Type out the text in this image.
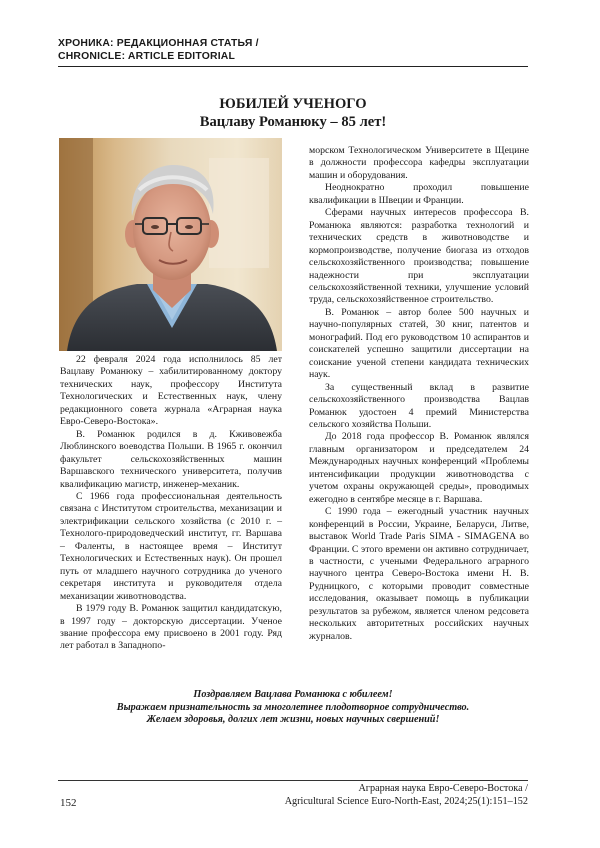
ХРОНИКА: РЕДАКЦИОННАЯ СТАТЬЯ /
CHRONICLE: ARTICLE EDITORIAL
ЮБИЛЕЙ УЧЕНОГО
Вацлаву Романюку – 85 лет!

22 февраля 2024 года исполнилось 85 лет Вацлаву Романюку – хабилитированному доктору технических наук, профессору Института Технологических и Естественных наук, члену редакционного совета журнала «Аграрная наука Евро-Северо-Востока».

В. Романюк родился в д. Кживовежба Люблинского воеводства Польши. В 1965 г. окончил факультет сельскохозяйственных машин Варшавского технического университета, получив квалификацию магистр, инженер-механик.

С 1966 года профессиональная деятельность связана с Институтом строительства, механизации и электрификации сельского хозяйства (с 2010 г. – Технолого-природоведческий институт, гг. Варшава – Фаленты, в настоящее время – Институт Технологических и Естественных наук). Он прошел путь от младшего научного сотрудника до ученого секретаря института и руководителя отдела механизации животноводства.

В 1979 году В. Романюк защитил кандидатскую, в 1997 году – докторскую диссертации. Ученое звание профессора ему присвоено в 2001 году. Ряд лет работал в Западнопо-

морском Технологическом Университете в Щецине в должности профессора кафедры эксплуатации машин и оборудования.

Неоднократно проходил повышение квалификации в Швеции и Франции.

Сферами научных интересов профессора В. Романюка являются: разработка технологий и технических средств в животноводстве и кормопроизводстве, получение биогаза из отходов сельскохозяйственного производства; повышение надежности при эксплуатации сельскохозяйственной техники, улучшение условий труда, сельскохозяйственное строительство.

В. Романюк – автор более 500 научных и научно-популярных статей, 30 книг, патентов и монографий. Под его руководством 10 аспирантов и соискателей успешно защитили диссертации на соискание ученой степени кандидата технических наук.

За существенный вклад в развитие сельскохозяйственного производства Вацлав Романюк удостоен 4 премий Министерства сельского хозяйства Польши.

До 2018 года профессор В. Романюк являлся главным организатором и председателем 24 Международных научных конференций «Проблемы интенсификации продукции животноводства с учетом охраны окружающей среды», проводимых ежегодно в сентябре месяце в г. Варшава.

С 1990 года – ежегодный участник научных конференций в России, Украине, Беларуси, Литве, выставок World Trade Paris SIMA - SIMAGENA во Франции. С этого времени он активно сотрудничает, в частности, с учеными Федерального аграрного научного центра Северо-Востока имени Н. В. Рудницкого, с которыми проводит совместные исследования, оказывает помощь в публикации результатов за рубежом, является членом редсовета нескольких авторитетных российских научных журналов.

Поздравляем Вацлава Романюка с юбилеем!
Выражаем признательность за многолетнее плодотворное сотрудничество.
Желаем здоровья, долгих лет жизни, новых научных свершений!
152
Аграрная наука Евро-Северо-Востока /
Agricultural Science Euro-North-East, 2024;25(1):151–152
